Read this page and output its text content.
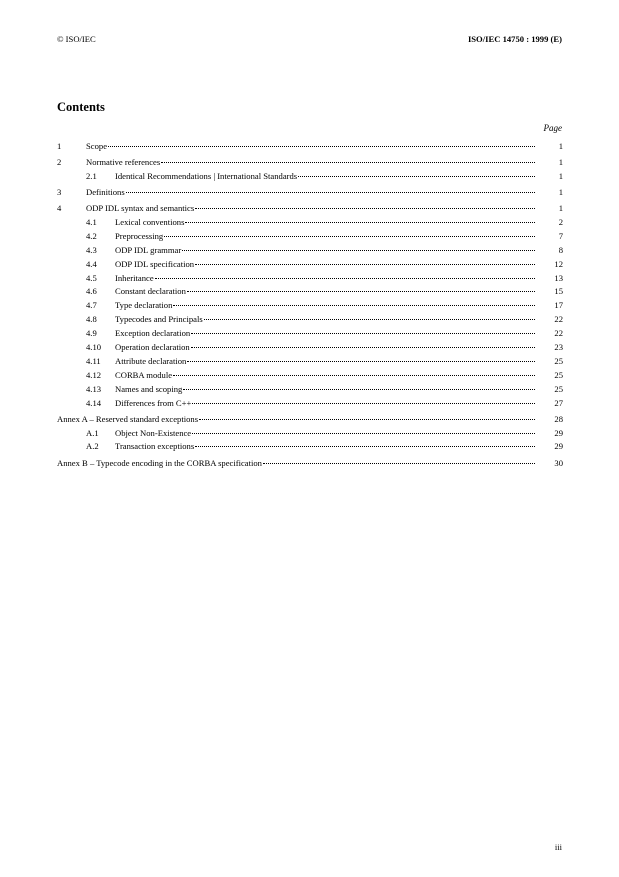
© ISO/IEC	ISO/IEC 14750 : 1999 (E)
Contents
Page
1	Scope	1
2	Normative references	1
2.1 Identical Recommendations | International Standards	1
3	Definitions	1
4	ODP IDL syntax and semantics	1
4.1 Lexical conventions	2
4.2 Preprocessing	7
4.3 ODP IDL grammar	8
4.4 ODP IDL specification	12
4.5 Inheritance	13
4.6 Constant declaration	15
4.7 Type declaration	17
4.8 Typecodes and Principals	22
4.9 Exception declaration	22
4.10 Operation declaration	23
4.11 Attribute declaration	25
4.12 CORBA module	25
4.13 Names and scoping	25
4.14 Differences from C++	27
Annex A – Reserved standard exceptions	28
A.1 Object Non-Existence	29
A.2 Transaction exceptions	29
Annex B – Typecode encoding in the CORBA specification	30
iii
